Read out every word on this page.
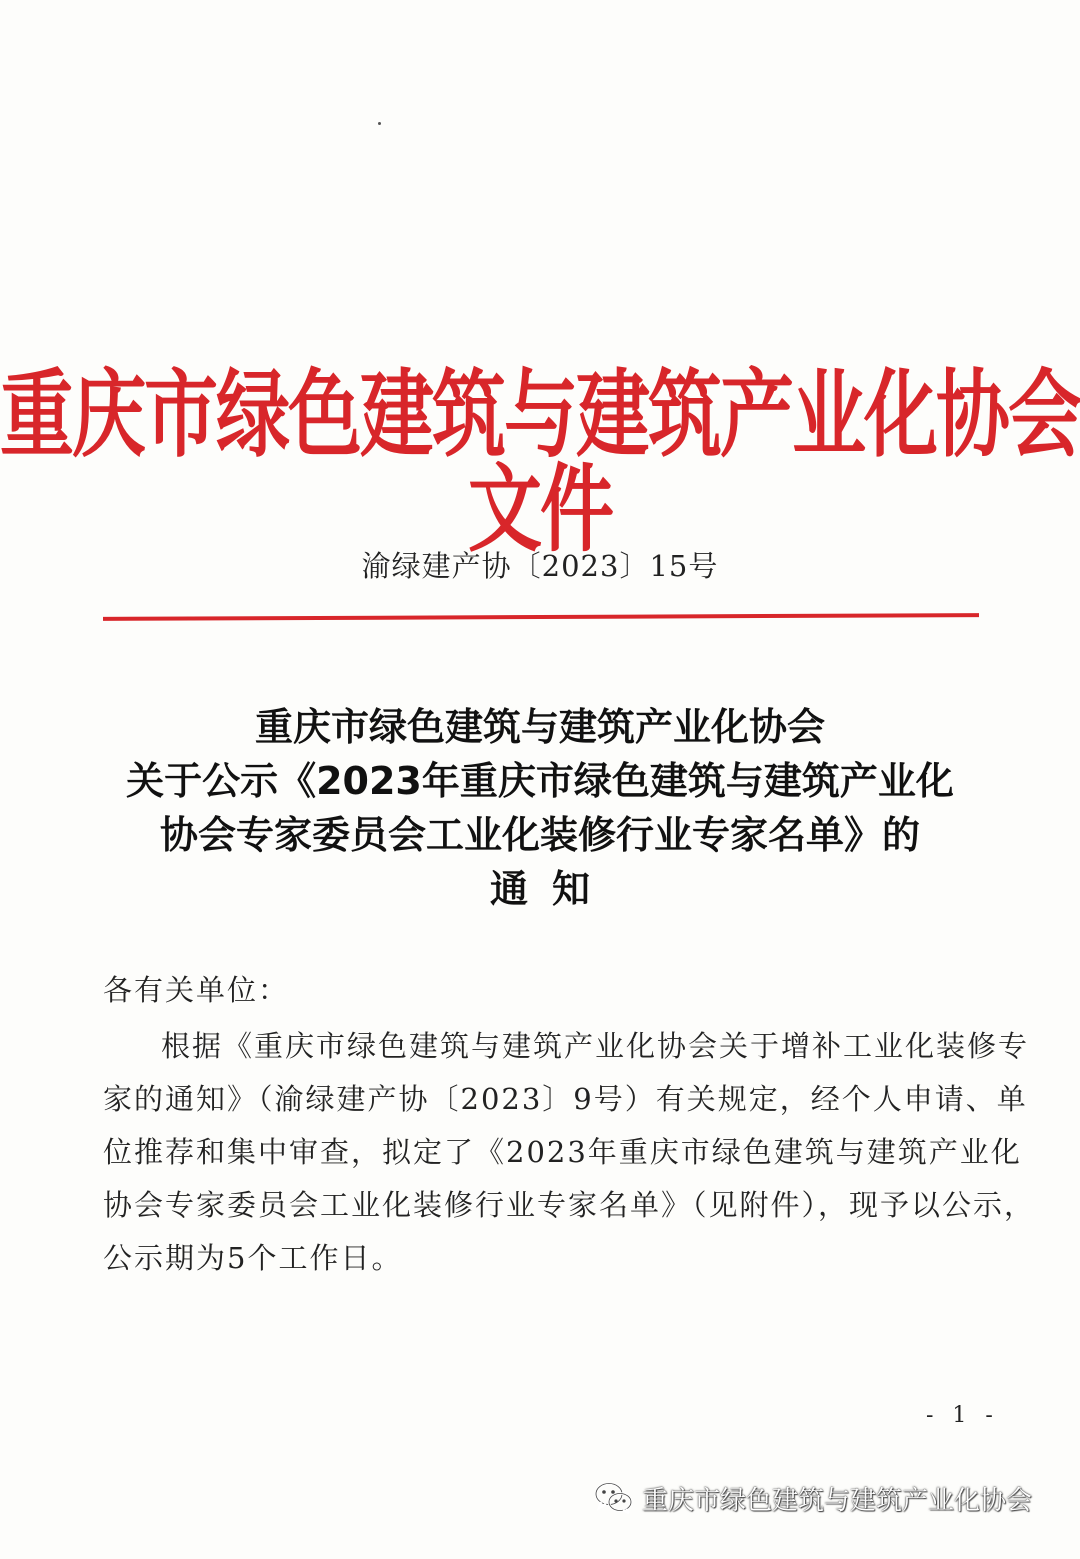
重庆市绿色建筑与建筑产业化协会文件
渝绿建产协〔2023〕15号
重庆市绿色建筑与建筑产业化协会
关于公示《2023年重庆市绿色建筑与建筑产业化
协会专家委员会工业化装修行业专家名单》的
通知
各有关单位：
根据《重庆市绿色建筑与建筑产业化协会关于增补工业化装修专
家的通知》（渝绿建产协〔2023〕9号）有关规定，经个人申请、单
位推荐和集中审查，拟定了《2023年重庆市绿色建筑与建筑产业化
协会专家委员会工业化装修行业专家名单》（见附件），现予以公示，
公示期为5个工作日。
- 1 -
重庆市绿色建筑与建筑产业化协会
